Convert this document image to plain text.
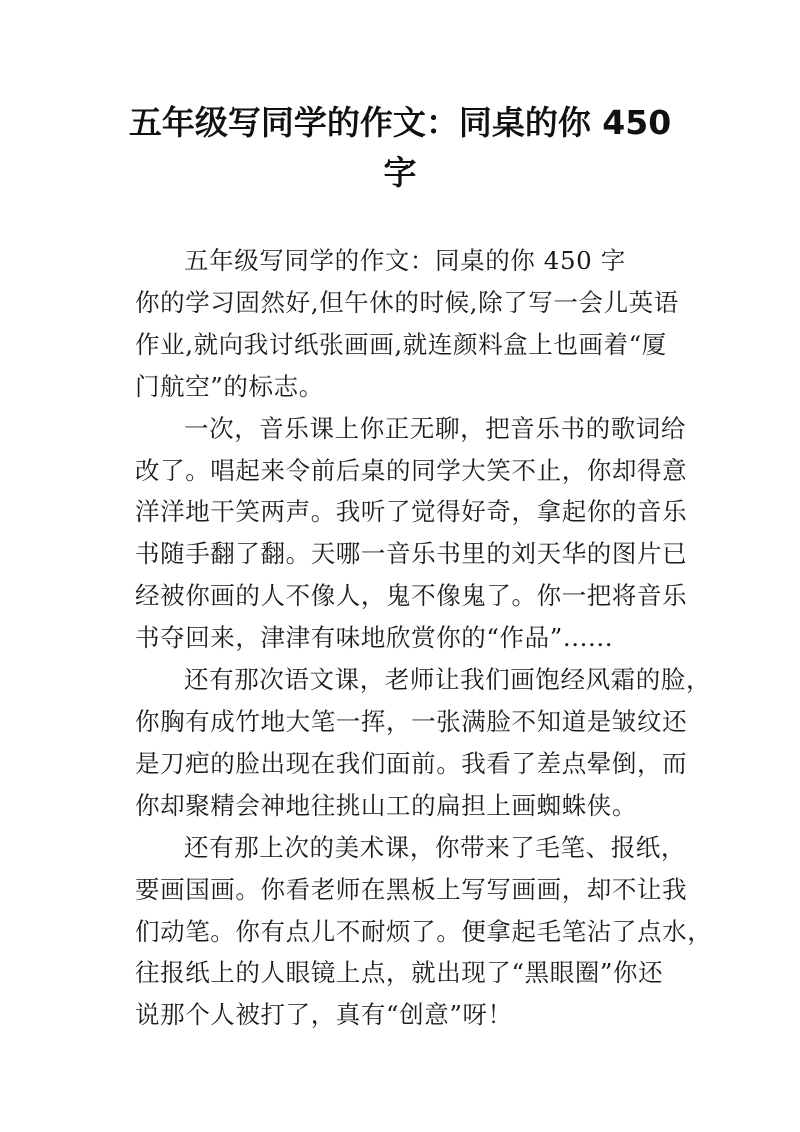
五年级写同学的作文：同桌的你 450
字
五年级写同学的作文：同桌的你 450 字
你的学习固然好,但午休的时候,除了写一会儿英语
作业,就向我讨纸张画画,就连颜料盒上也画着“厦
门航空”的标志。
一次，音乐课上你正无聊，把音乐书的歌词给
改了。唱起来令前后桌的同学大笑不止，你却得意
洋洋地干笑两声。我听了觉得好奇，拿起你的音乐
书随手翻了翻。天哪一音乐书里的刘天华的图片已
经被你画的人不像人，鬼不像鬼了。你一把将音乐
书夺回来，津津有味地欣赏你的“作品”......
还有那次语文课，老师让我们画饱经风霜的脸，
你胸有成竹地大笔一挥，一张满脸不知道是皱纹还
是刀疤的脸出现在我们面前。我看了差点晕倒，而
你却聚精会神地往挑山工的扁担上画蜘蛛侠。
还有那上次的美术课，你带来了毛笔、报纸，
要画国画。你看老师在黑板上写写画画，却不让我
们动笔。你有点儿不耐烦了。便拿起毛笔沾了点水，
往报纸上的人眼镜上点，就出现了“黑眼圈”你还
说那个人被打了，真有“创意”呀！
